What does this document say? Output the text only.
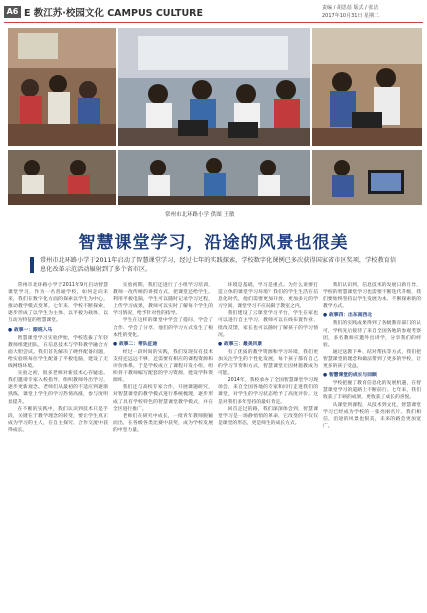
A6 E 教江苏·校园文化 CAMPUS CULTURE	责编 / 胡思蓓 版式 / 张洁
2017年10月31日 星期二
常州市北环路小学 供图 王敏
智慧课堂学习，沿途的风景也很美
常州市北环路小学于2011年启动了智慧课堂学习，经过七年的实践探索，学校数字化课例已多次获得国家省市区奖项，学校教育信息化改革示范活动辐射到了多个省市区。

常州市北环路小学于2011年9月启动智慧课堂学习，作为一名普通学校，如何走向未来，我们在数字化方面的探索以学生为中心，推动教学模式变革。七年来，学校不断探索，逐步形成了以学生为主体、以平板为载体、以互动为特征的智慧课堂。

● 故事一：跟班入马

智慧课堂学习实验伊始，学校选拔了年轻教师组建团队，在信息技术与学科教学融合方面大胆尝试。我们首先解决了硬件配备问题，给实验班每位学生配备了平板电脑，建设了无线网络环境。

实验之初，很多老师对新技术心存疑虑。我们邀请专家入校指导，组织教师外出学习，逐步更新观念。老师们从最初的不适应到逐渐熟练，课堂上学生的学习热情高涨，参与度明显提升。

在不断的实践中，我们认识到技术只是手段，关键在于教学理念的转变，要让学生真正成为学习的主人，在自主探究、合作交流中获得成长。

实验初期，我们还进行了小组学习培训，教师一改传统的讲授方式，把课堂还给学生。利用平板电脑，学生可以随时记录学习过程，上传学习成果，教师可以实时了解每个学生的学习情况，给予针对性的指导。

学生在这样的课堂中学会了提问、学会了合作、学会了分享，他们的学习方式发生了根本性的变化。

● 故事二：带队征途

经过一段时间的实践，我们发现仅有技术支持还远远不够，还需要有相应的课程资源和评价体系。于是学校成立了课程开发小组，组织骨干教师编写配套的学习资源，建设学科资源库。

我们还与高校专家合作，开展课题研究，对智慧课堂的教学模式进行系统梳理，逐步形成了具有学校特色的智慧课堂教学模式，并在全区进行推广。

老师们在研究中成长，一批青年教师脱颖而出，在各级各类比赛中获奖，成为学校发展的中坚力量。

环境是基础，学习是重点。为什么说要打造立体的课堂学习环境？我们的学生生活在信息化时代，他们需要更加开放、更加多元的学习空间，课堂学习不应局限于教室之内。

我们建设了云课堂学习平台，学生在家也可以进行自主学习，教师可以在线布置作业、批改反馈，家长也可以随时了解孩子的学习情况。

● 故事三：最美风景

有了优质的教学资源和学习环境，我们更加关注学生的个性化发展，每个孩子都有自己的学习节奏和方式，智慧课堂让因材施教成为可能。

2014年，我校承办了全国智慧课堂学习现场会，来自全国各地的专家和同行走进我们的课堂，对学生的学习状态给予了高度评价。这是对我们多年坚持的最好肯定。

回首走过的路，我们深深体会到，智慧课堂学习是一场静悄悄的革命，它改变的不仅仅是课堂的形态，更是师生的成长方式。

我们认识到，信息技术的发展日新月异，学校的智慧课堂学习也需要不断迭代升级，我们要始终坚持以学生发展为本，不断探索新的教学方式。

● 故事四：出东南西北

我们的实践成果得到了各级教育部门的认可，学校先后接待了来自全国各地的参观考察团，多名教师应邀外出讲学，分享我们的经验。

通过送教下乡、结对帮扶等方式，我们把智慧课堂的理念和做法带到了更多的学校，让更多的孩子受益。

● 智慧课堂的成长与回顾

学校把握了教育信息化的发展机遇，在智慧课堂学习的道路上不断前行。七年来，我们收获了丰硕的成果，更收获了成长的喜悦。

从课堂到课程，从技术到文化，智慧课堂学习已经成为学校的一张亮丽名片。我们相信，沿途的风景也很美，未来的路会更加宽广。
